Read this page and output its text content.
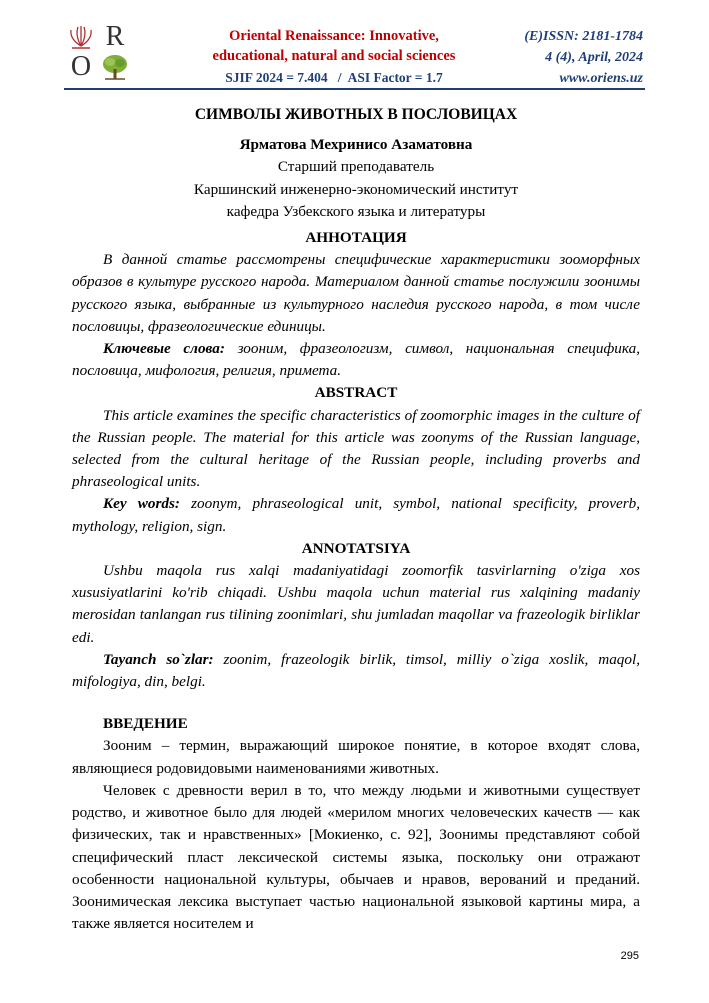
R
O
Oriental Renaissance: Innovative,
educational, natural and social sciences
SJIF 2024 = 7.404   /  ASI Factor = 1.7
(E)ISSN: 2181-1784
4 (4), April, 2024
www.oriens.uz
СИМВОЛЫ ЖИВОТНЫХ В ПОСЛОВИЦАХ
Ярматова Мехринисо Азаматовна
Старший преподаватель
Каршинский инженерно-экономический институт
кафедра Узбекского языка и литературы
АННОТАЦИЯ

В данной статье рассмотрены специфические характеристики зооморфных образов в культуре русского народа. Материалом данной статье послужили зоонимы русского языка, выбранные из культурного наследия русского народа, в том числе пословицы, фразеологические единицы.

Ключевые слова: зооним, фразеологизм, символ, национальная специфика, пословица, мифология, религия, примета.

ABSTRACT

This article examines the specific characteristics of zoomorphic images in the culture of the Russian people. The material for this article was zoonyms of the Russian language, selected from the cultural heritage of the Russian people, including proverbs and phraseological units.

Key words: zoonym, phraseological unit, symbol, national specificity, proverb, mythology, religion, sign.

ANNOTATSIYA

Ushbu maqola rus xalqi madaniyatidagi zoomorfik tasvirlarning o'ziga xos xususiyatlarini ko'rib chiqadi. Ushbu maqola uchun material rus xalqining madaniy merosidan tanlangan rus tilining zoonimlari, shu jumladan maqollar va frazeologik birliklar edi.

Tayanch so`zlar: zoonim, frazeologik birlik, timsol, milliy o`ziga xoslik, maqol, mifologiya, din, belgi.

ВВЕДЕНИЕ

Зооним – термин, выражающий широкое понятие, в которое входят слова, являющиеся родовидовыми наименованиями животных.

Человек с древности верил в то, что между людьми и животными существует родство, и животное было для людей «мерилом многих человеческих качеств — как физических, так и нравственных» [Мокиенко, с. 92], Зоонимы представляют собой специфический пласт лексической системы языка, поскольку они отражают особенности национальной культуры, обычаев и нравов, верований и преданий. Зоонимическая лексика выступает частью национальной языковой картины мира, а также является носителем и

295
